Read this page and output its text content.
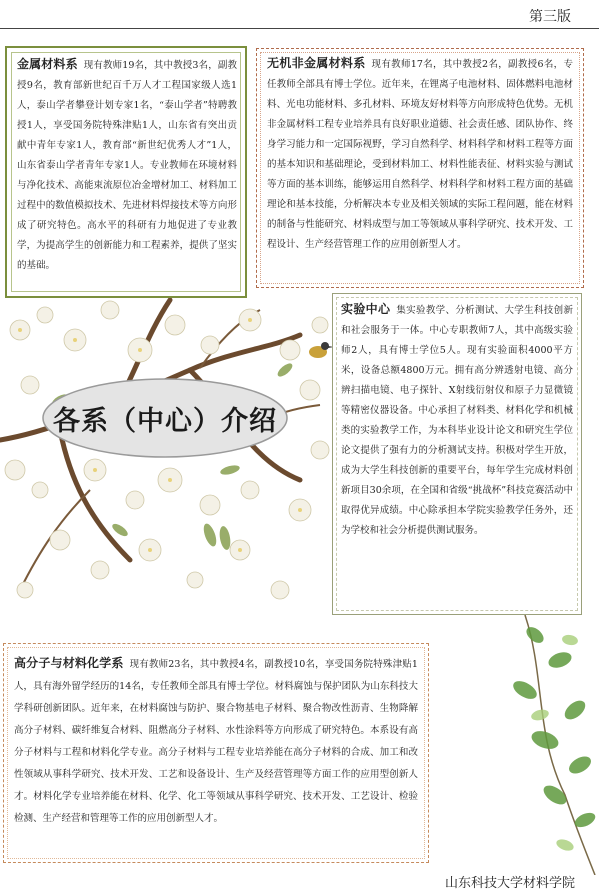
第三版
各系（中心）介绍
金属材料系 现有教师19名，其中教授3名，副教授9名，教育部新世纪百千万人才工程国家级人选1人，泰山学者攀登计划专家1名，“泰山学者”特聘教授1人，享受国务院特殊津贴1人，山东省有突出贡献中青年专家1人，教育部“新世纪优秀人才”1人，山东省泰山学者青年专家1人。专业教师在环境材料与净化技术、高能束流原位冶金增材加工、材料加工过程中的数值模拟技术、先进材料焊接技术等方向形成了研究特色。高水平的科研有力地促进了专业教学，为提高学生的创新能力和工程素养，提供了坚实的基础。
无机非金属材料系 现有教师17名，其中教授2名，副教授6名，专任教师全部具有博士学位。近年来，在锂离子电池材料、固体燃料电池材料、光电功能材料、多孔材料、环境友好材料等方向形成特色优势。无机非金属材料工程专业培养具有良好职业道德、社会责任感、团队协作、终身学习能力和一定国际视野，学习自然科学、材料科学和材料工程等方面的基本知识和基础理论，受到材料加工、材料性能表征、材料实验与测试等方面的基本训练，能够运用自然科学、材料科学和材料工程方面的基础理论和基本技能，分析解决本专业及相关领域的实际工程问题，能在材料的制备与性能研究、材料成型与加工等领域从事科学研究、技术开发、工程设计、生产经营管理工作的应用创新型人才。
实验中心 集实验教学、分析测试、大学生科技创新和社会服务于一体。中心专职教师7人，其中高级实验师2人，具有博士学位5人。现有实验面积4000平方米，设备总额4800万元。拥有高分辨透射电镜、高分辨扫描电镜、电子探针、X射线衍射仪和原子力显微镜等精密仪器设备。中心承担了材料类、材料化学和机械类的实验教学工作，为本科毕业设计论文和研究生学位论文提供了强有力的分析测试支持。积极对学生开放，成为大学生科技创新的重要平台，每年学生完成材料创新项目30余项，在全国和省级“挑战杯”科技竞赛活动中取得优异成绩。中心除承担本学院实验教学任务外，还为学校和社会分析提供测试服务。
高分子与材料化学系 现有教师23名，其中教授4名，副教授10名，享受国务院特殊津贴1人，具有海外留学经历的14名，专任教师全部具有博士学位。材料腐蚀与保护团队为山东科技大学科研创新团队。近年来，在材料腐蚀与防护、聚合物基电子材料、聚合物改性沥青、生物降解高分子材料、碳纤维复合材料、阻燃高分子材料、水性涂料等方向形成了研究特色。本系设有高分子材料与工程和材料化学专业。高分子材料与工程专业培养能在高分子材料的合成、加工和改性领域从事科学研究、技术开发、工艺和设备设计、生产及经营管理等方面工作的应用型创新人才。材料化学专业培养能在材料、化学、化工等领域从事科学研究、技术开发、工艺设计、检验检测、生产经营和管理等工作的应用创新型人才。
山东科技大学材料学院
